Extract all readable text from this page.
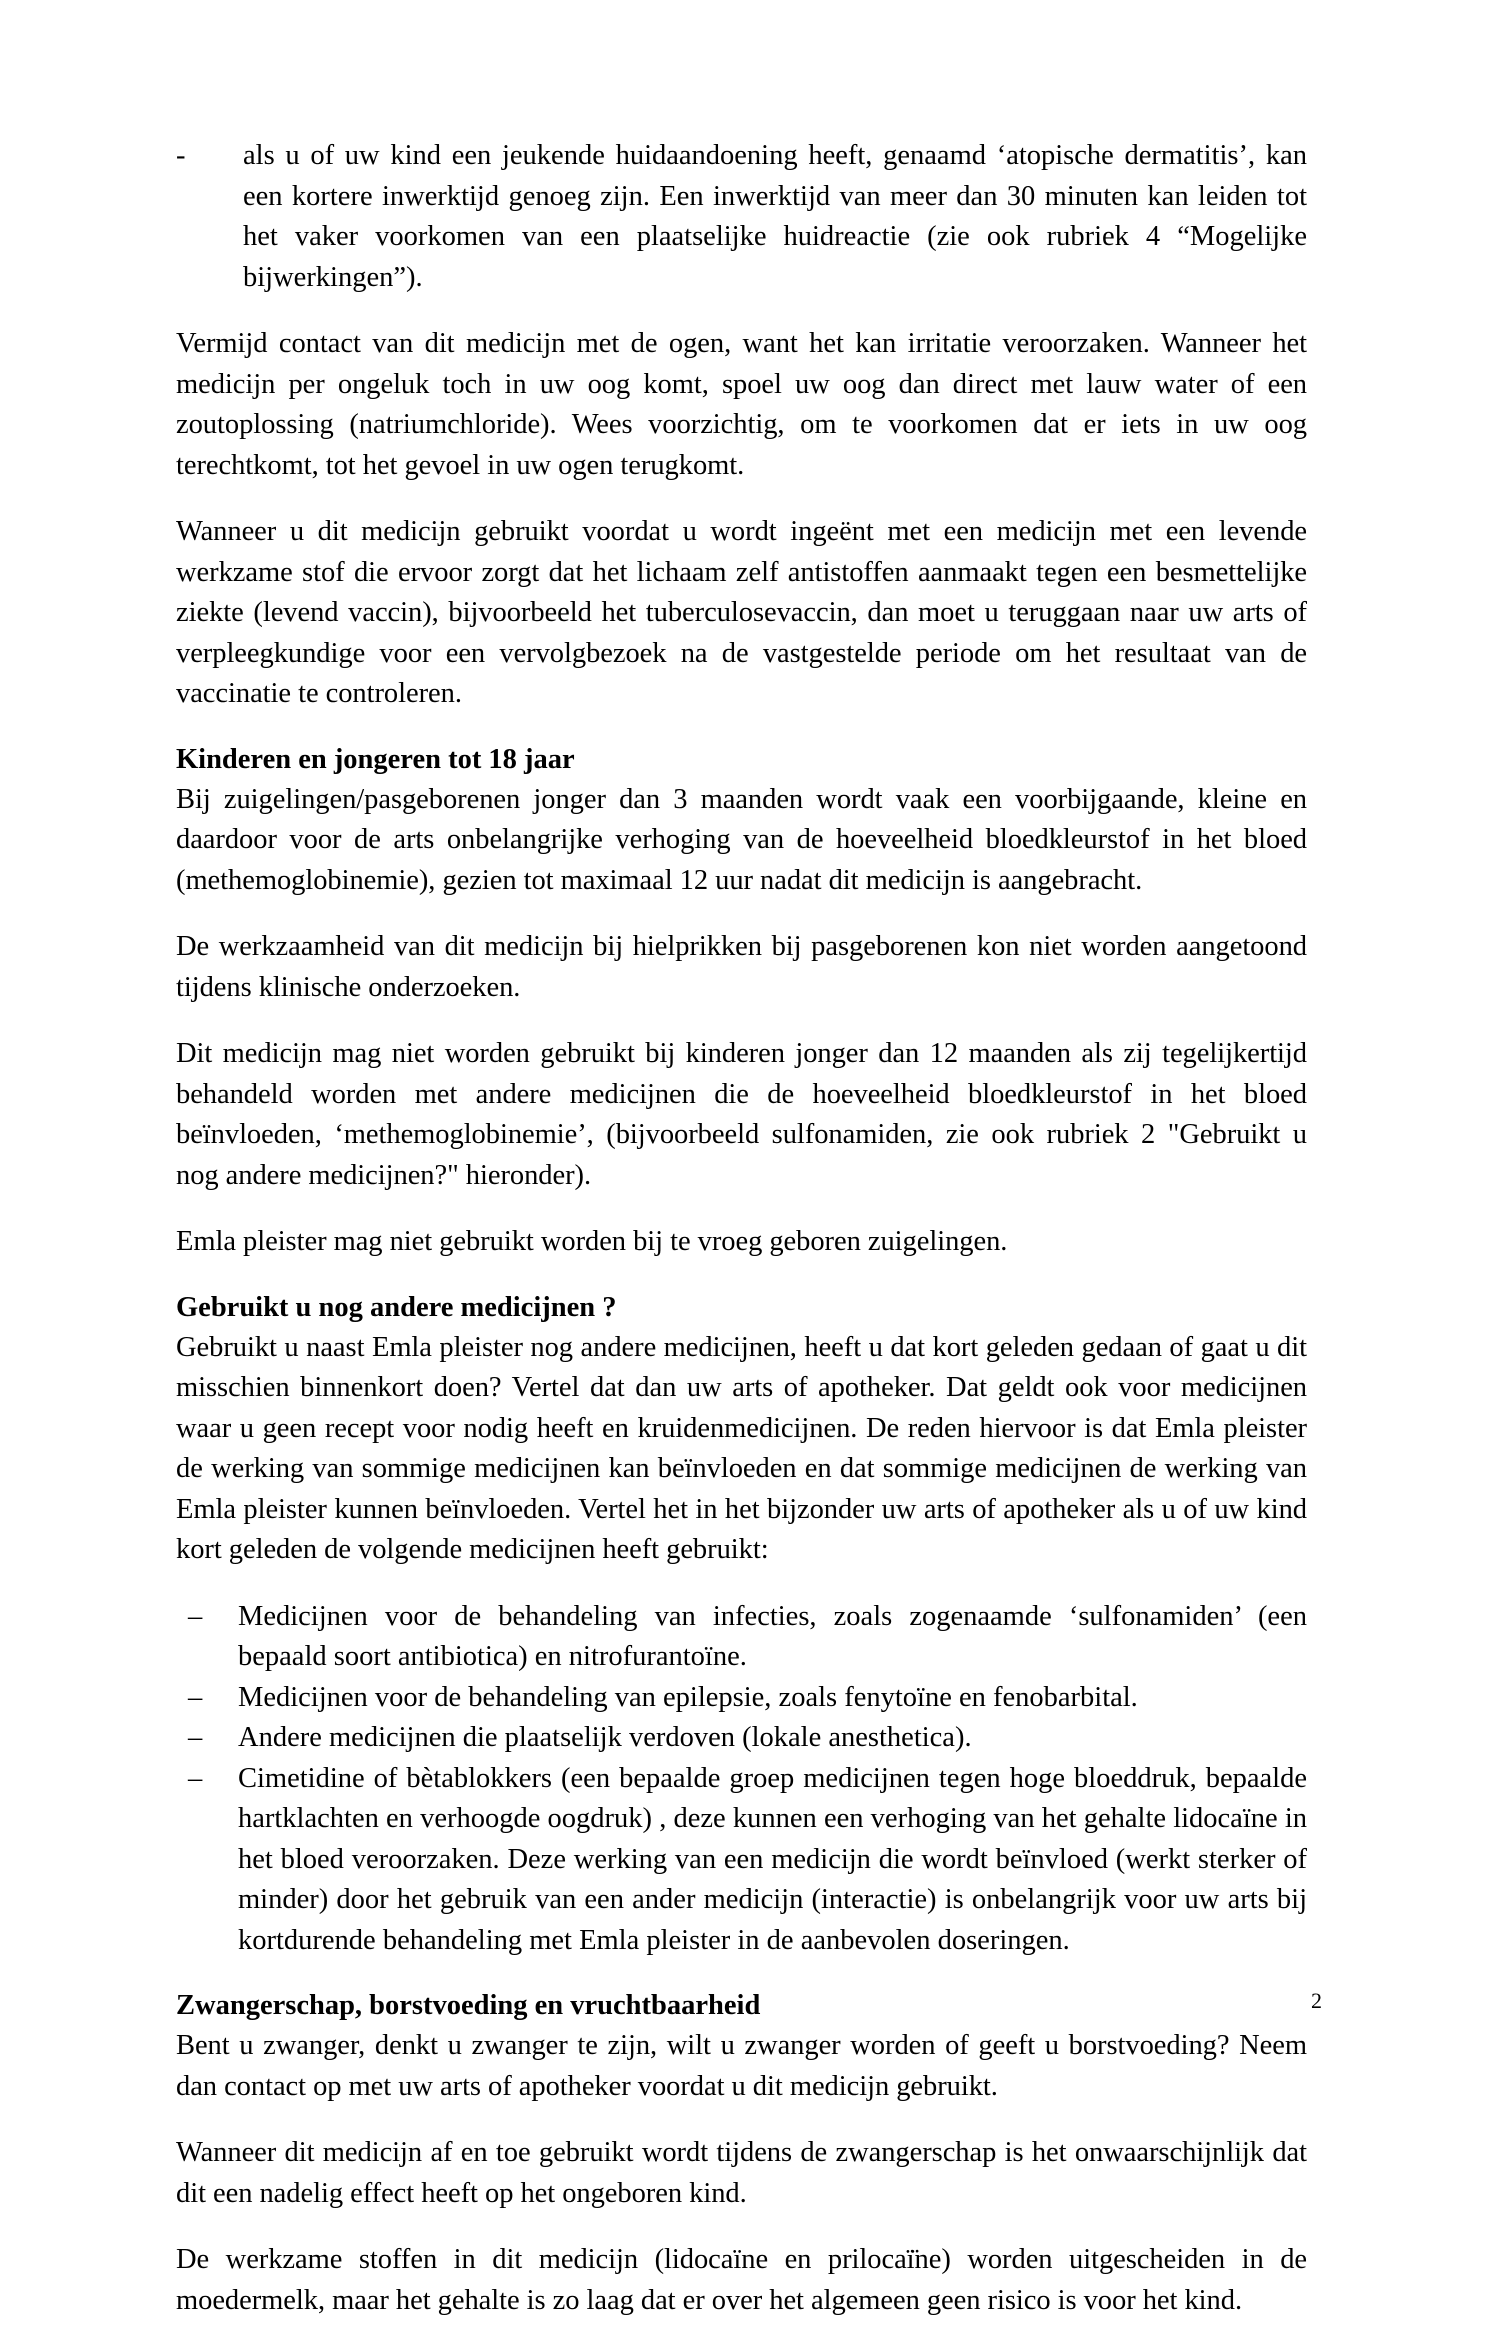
-	als u of uw kind een jeukende huidaandoening heeft, genaamd ‘atopische dermatitis’, kan een kortere inwerktijd genoeg zijn. Een inwerktijd van meer dan 30 minuten kan leiden tot het vaker voorkomen van een plaatselijke huidreactie (zie ook rubriek 4 “Mogelijke bijwerkingen”).

Vermijd contact van dit medicijn met de ogen, want het kan irritatie veroorzaken. Wanneer het medicijn per ongeluk toch in uw oog komt, spoel uw oog dan direct met lauw water of een zoutoplossing (natriumchloride). Wees voorzichtig, om te voorkomen dat er iets in uw oog terechtkomt, tot het gevoel in uw ogen terugkomt.

Wanneer u dit medicijn gebruikt voordat u wordt ingeënt met een medicijn met een levende werkzame stof die ervoor zorgt dat het lichaam zelf antistoffen aanmaakt tegen een besmettelijke ziekte (levend vaccin), bijvoorbeeld het tuberculosevaccin, dan moet u teruggaan naar uw arts of verpleegkundige voor een vervolgbezoek na de vastgestelde periode om het resultaat van de vaccinatie te controleren.

Kinderen en jongeren tot 18 jaar

Bij zuigelingen/pasgeborenen jonger dan 3 maanden wordt vaak een voorbijgaande, kleine en daardoor voor de arts onbelangrijke verhoging van de hoeveelheid bloedkleurstof in het bloed (methemoglobinemie), gezien tot maximaal 12 uur nadat dit medicijn is aangebracht.

De werkzaamheid van dit medicijn bij hielprikken bij pasgeborenen kon niet worden aangetoond tijdens klinische onderzoeken.

Dit medicijn mag niet worden gebruikt bij kinderen jonger dan 12 maanden als zij tegelijkertijd behandeld worden met andere medicijnen die de hoeveelheid bloedkleurstof in het bloed beïnvloeden, ‘methemoglobinemie’, (bijvoorbeeld sulfonamiden, zie ook rubriek 2 "Gebruikt u nog andere medicijnen?" hieronder).

Emla pleister mag niet gebruikt worden bij te vroeg geboren zuigelingen.

Gebruikt u nog andere medicijnen ?

Gebruikt u naast Emla pleister nog andere medicijnen, heeft u dat kort geleden gedaan of gaat u dit misschien binnenkort doen? Vertel dat dan uw arts of apotheker. Dat geldt ook voor medicijnen waar u geen recept voor nodig heeft en kruidenmedicijnen. De reden hiervoor is dat Emla pleister de werking van sommige medicijnen kan beïnvloeden en dat sommige medicijnen de werking van Emla pleister kunnen beïnvloeden. Vertel het in het bijzonder uw arts of apotheker als u of uw kind kort geleden de volgende medicijnen heeft gebruikt:

– Medicijnen voor de behandeling van infecties, zoals zogenaamde ‘sulfonamiden’ (een bepaald soort antibiotica) en nitrofurantoïne.
– Medicijnen voor de behandeling van epilepsie, zoals fenytoïne en fenobarbital.
– Andere medicijnen die plaatselijk verdoven (lokale anesthetica).
– Cimetidine of bètablokkers (een bepaalde groep medicijnen tegen hoge bloeddruk, bepaalde hartklachten en verhoogde oogdruk) , deze kunnen een verhoging van het gehalte lidocaïne in het bloed veroorzaken. Deze werking van een medicijn die wordt beïnvloed (werkt sterker of minder) door het gebruik van een ander medicijn (interactie) is onbelangrijk voor uw arts bij kortdurende behandeling met Emla pleister in de aanbevolen doseringen.
Zwangerschap, borstvoeding en vruchtbaarheid

Bent u zwanger, denkt u zwanger te zijn, wilt u zwanger worden of geeft u borstvoeding? Neem dan contact op met uw arts of apotheker voordat u dit medicijn gebruikt.

Wanneer dit medicijn af en toe gebruikt wordt tijdens de zwangerschap is het onwaarschijnlijk dat dit een nadelig effect heeft op het ongeboren kind.

De werkzame stoffen in dit medicijn (lidocaïne en prilocaï̈ne) worden uitgescheiden in de moedermelk, maar het gehalte is zo laag dat er over het algemeen geen risico is voor het kind.

2
